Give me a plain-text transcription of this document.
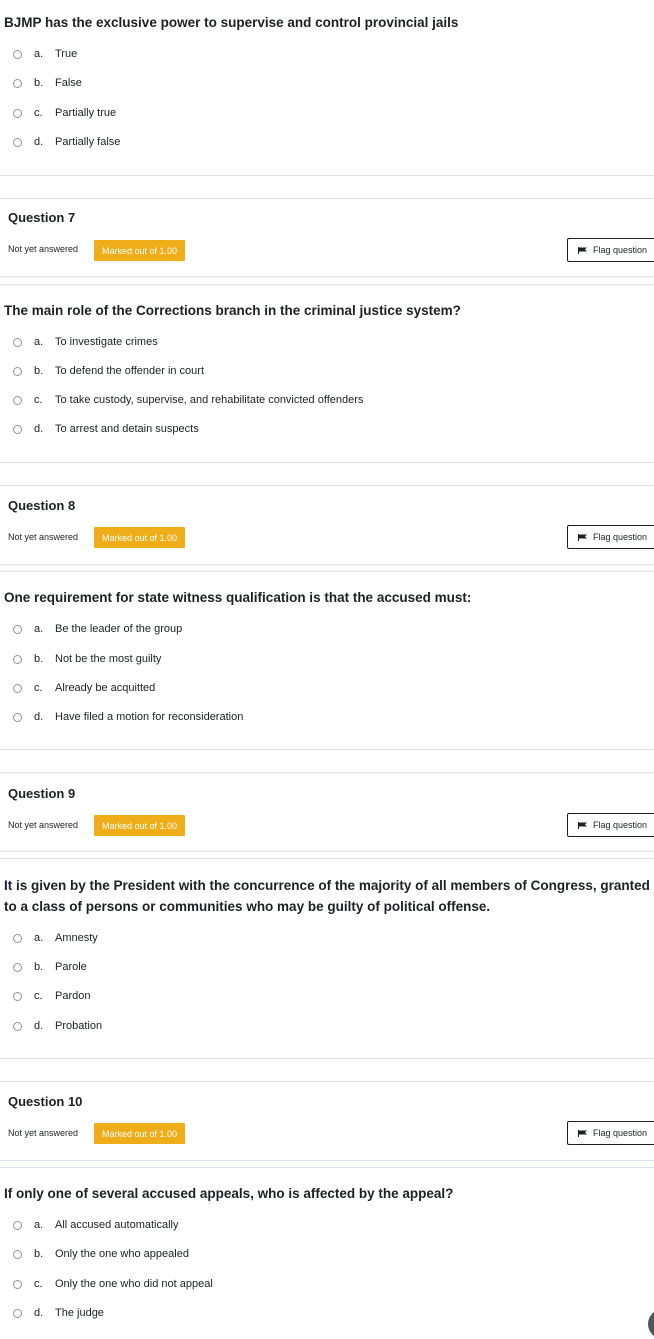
BJMP has the exclusive power to supervise and control provincial jails
a.	True
b.	False
c.	Partially true
d.	Partially false
Question 7
Not yet answered	Marked out of 1.00	Flag question
The main role of the Corrections branch in the criminal justice system?
a.	To investigate crimes
b.	To defend the offender in court
c.	To take custody, supervise, and rehabilitate convicted offenders
d.	To arrest and detain suspects
Question 8
Not yet answered	Marked out of 1.00	Flag question
One requirement for state witness qualification is that the accused must:
a.	Be the leader of the group
b.	Not be the most guilty
c.	Already be acquitted
d.	Have filed a motion for reconsideration
Question 9
Not yet answered	Marked out of 1.00	Flag question
It is given by the President with the concurrence of the majority of all members of Congress, granted to a class of persons or communities who may be guilty of political offense.
a.	Amnesty
b.	Parole
c.	Pardon
d.	Probation
Question 10
Not yet answered	Marked out of 1.00	Flag question
If only one of several accused appeals, who is affected by the appeal?
a.	All accused automatically
b.	Only the one who appealed
c.	Only the one who did not appeal
d.	The judge
